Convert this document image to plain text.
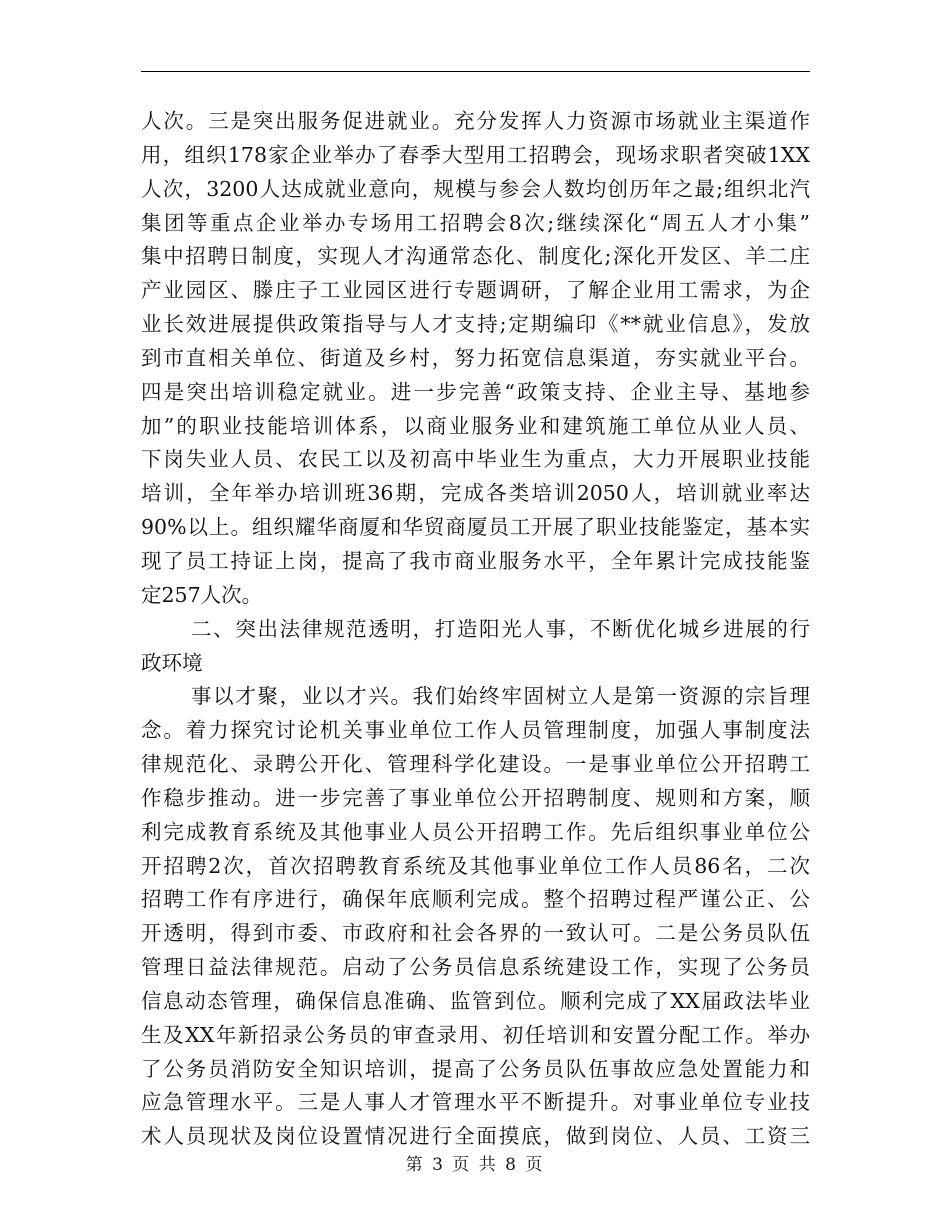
人次。三是突出服务促进就业。充分发挥人力资源市场就业主渠道作
用，组织178家企业举办了春季大型用工招聘会，现场求职者突破1XX
人次，3200人达成就业意向，规模与参会人数均创历年之最;组织北汽
集团等重点企业举办专场用工招聘会8次;继续深化“周五人才小集”
集中招聘日制度，实现人才沟通常态化、制度化;深化开发区、羊二庄
产业园区、滕庄子工业园区进行专题调研，了解企业用工需求，为企
业长效进展提供政策指导与人才支持;定期编印《**就业信息》，发放
到市直相关单位、街道及乡村，努力拓宽信息渠道，夯实就业平台。
四是突出培训稳定就业。进一步完善“政策支持、企业主导、基地参
加”的职业技能培训体系，以商业服务业和建筑施工单位从业人员、
下岗失业人员、农民工以及初高中毕业生为重点，大力开展职业技能
培训，全年举办培训班36期，完成各类培训2050人，培训就业率达
90%以上。组织耀华商厦和华贸商厦员工开展了职业技能鉴定，基本实
现了员工持证上岗，提高了我市商业服务水平，全年累计完成技能鉴
定257人次。
二、突出法律规范透明，打造阳光人事，不断优化城乡进展的行
政环境
事以才聚，业以才兴。我们始终牢固树立人是第一资源的宗旨理
念。着力探究讨论机关事业单位工作人员管理制度，加强人事制度法
律规范化、录聘公开化、管理科学化建设。一是事业单位公开招聘工
作稳步推动。进一步完善了事业单位公开招聘制度、规则和方案，顺
利完成教育系统及其他事业人员公开招聘工作。先后组织事业单位公
开招聘2次，首次招聘教育系统及其他事业单位工作人员86名，二次
招聘工作有序进行，确保年底顺利完成。整个招聘过程严谨公正、公
开透明，得到市委、市政府和社会各界的一致认可。二是公务员队伍
管理日益法律规范。启动了公务员信息系统建设工作，实现了公务员
信息动态管理，确保信息准确、监管到位。顺利完成了XX届政法毕业
生及XX年新招录公务员的审查录用、初任培训和安置分配工作。举办
了公务员消防安全知识培训，提高了公务员队伍事故应急处置能力和
应急管理水平。三是人事人才管理水平不断提升。对事业单位专业技
术人员现状及岗位设置情况进行全面摸底，做到岗位、人员、工资三
第 3 页 共 8 页
